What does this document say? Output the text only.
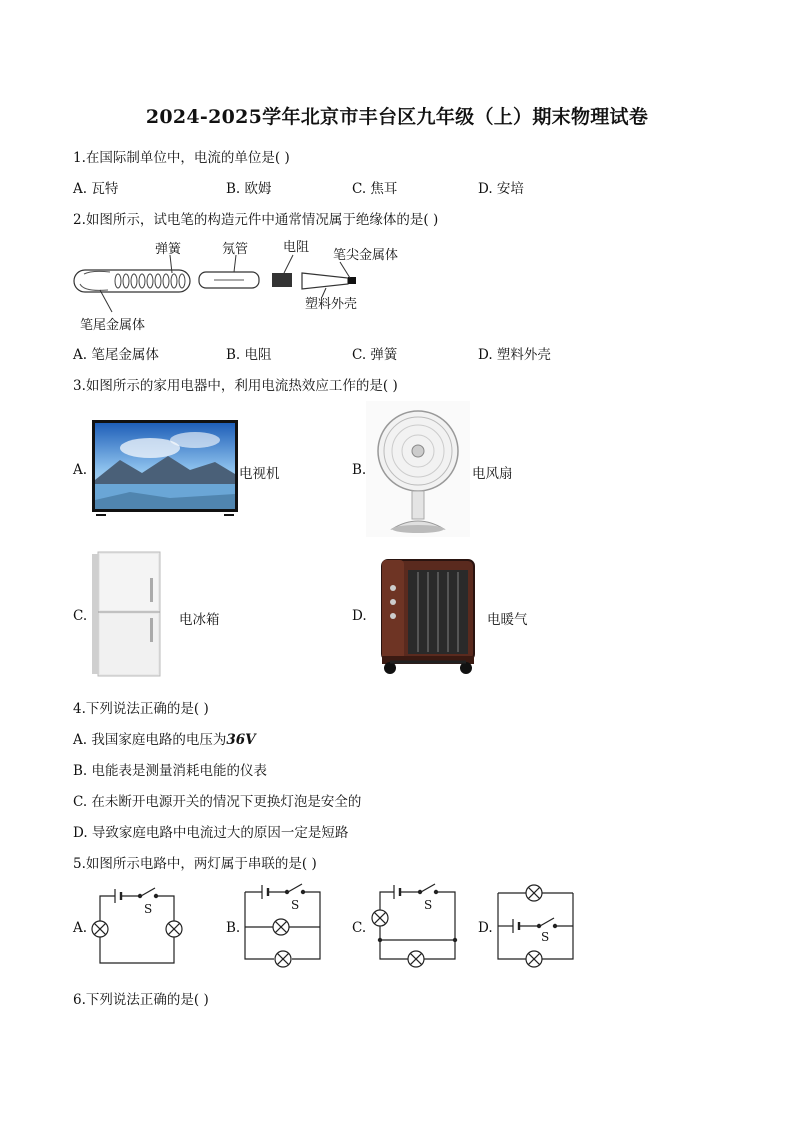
2024-2025学年北京市丰台区九年级（上）期末物理试卷
1.在国际制单位中，电流的单位是( )
A. 瓦特	B. 欧姆	C. 焦耳	D. 安培
2.如图所示，试电笔的构造元件中通常情况属于绝缘体的是( )
弹簧	氖管	电阻
笔尖金属体
笔尾金属体
塑料外壳
A. 笔尾金属体	B. 电阻	C. 弹簧	D. 塑料外壳
3.如图所示的家用电器中，利用电流热效应工作的是( )
A.	电视机	B.	电风扇
C.	电冰箱	D.	电暖气
4.下列说法正确的是( )
A. 我国家庭电路的电压为36V
B. 电能表是测量消耗电能的仪表
C. 在未断开电源开关的情况下更换灯泡是安全的
D. 导致家庭电路中电流过大的原因一定是短路
5.如图所示电路中，两灯属于串联的是( )
A.	B.	C.	D.
S	S	S
S
6.下列说法正确的是( )
